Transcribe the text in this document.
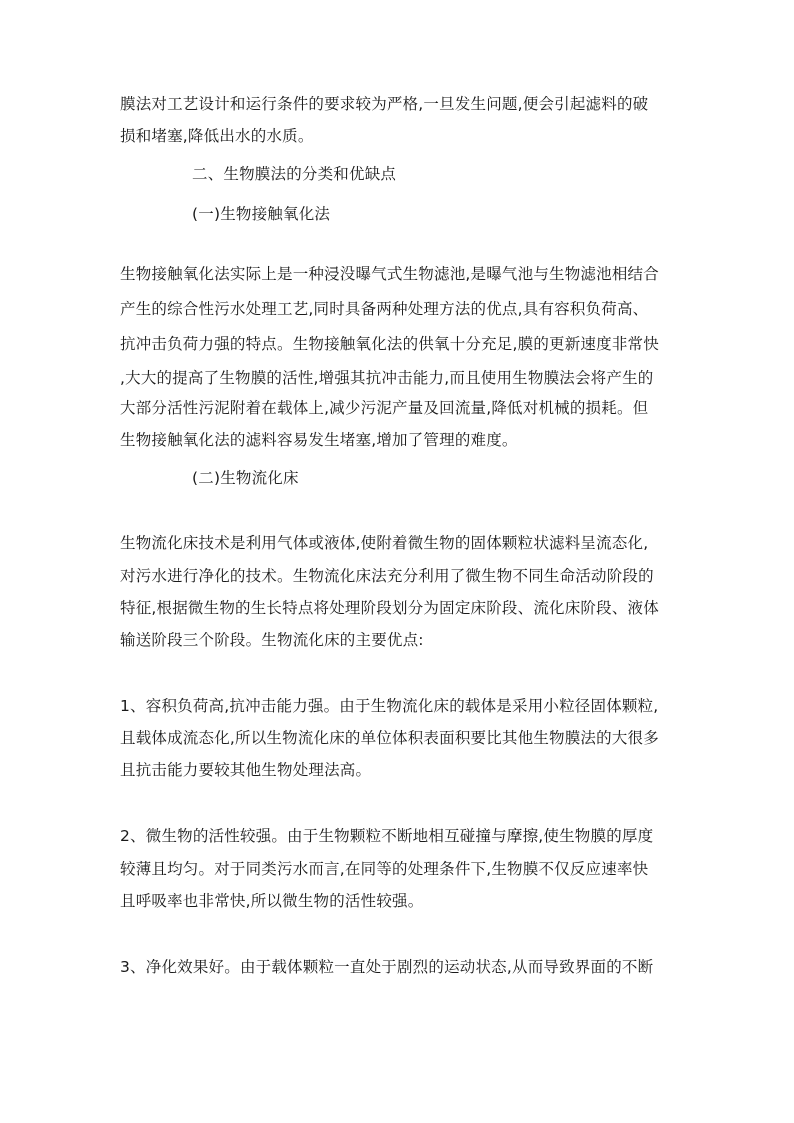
膜法对工艺设计和运行条件的要求较为严格,一旦发生问题,便会引起滤料的破
损和堵塞,降低出水的水质。
二、生物膜法的分类和优缺点
(一)生物接触氧化法
生物接触氧化法实际上是一种浸没曝气式生物滤池,是曝气池与生物滤池相结合
产生的综合性污水处理工艺,同时具备两种处理方法的优点,具有容积负荷高、
抗冲击负荷力强的特点。生物接触氧化法的供氧十分充足,膜的更新速度非常快
,大大的提高了生物膜的活性,增强其抗冲击能力,而且使用生物膜法会将产生的
大部分活性污泥附着在载体上,减少污泥产量及回流量,降低对机械的损耗。但
生物接触氧化法的滤料容易发生堵塞,增加了管理的难度。
(二)生物流化床
生物流化床技术是利用气体或液体,使附着微生物的固体颗粒状滤料呈流态化,
对污水进行净化的技术。生物流化床法充分利用了微生物不同生命活动阶段的
特征,根据微生物的生长特点将处理阶段划分为固定床阶段、流化床阶段、液体
输送阶段三个阶段。生物流化床的主要优点:
1、容积负荷高,抗冲击能力强。由于生物流化床的载体是采用小粒径固体颗粒,
且载体成流态化,所以生物流化床的单位体积表面积要比其他生物膜法的大很多
且抗击能力要较其他生物处理法高。
2、微生物的活性较强。由于生物颗粒不断地相互碰撞与摩擦,使生物膜的厚度
较薄且均匀。对于同类污水而言,在同等的处理条件下,生物膜不仅反应速率快
且呼吸率也非常快,所以微生物的活性较强。
3、净化效果好。由于载体颗粒一直处于剧烈的运动状态,从而导致界面的不断
